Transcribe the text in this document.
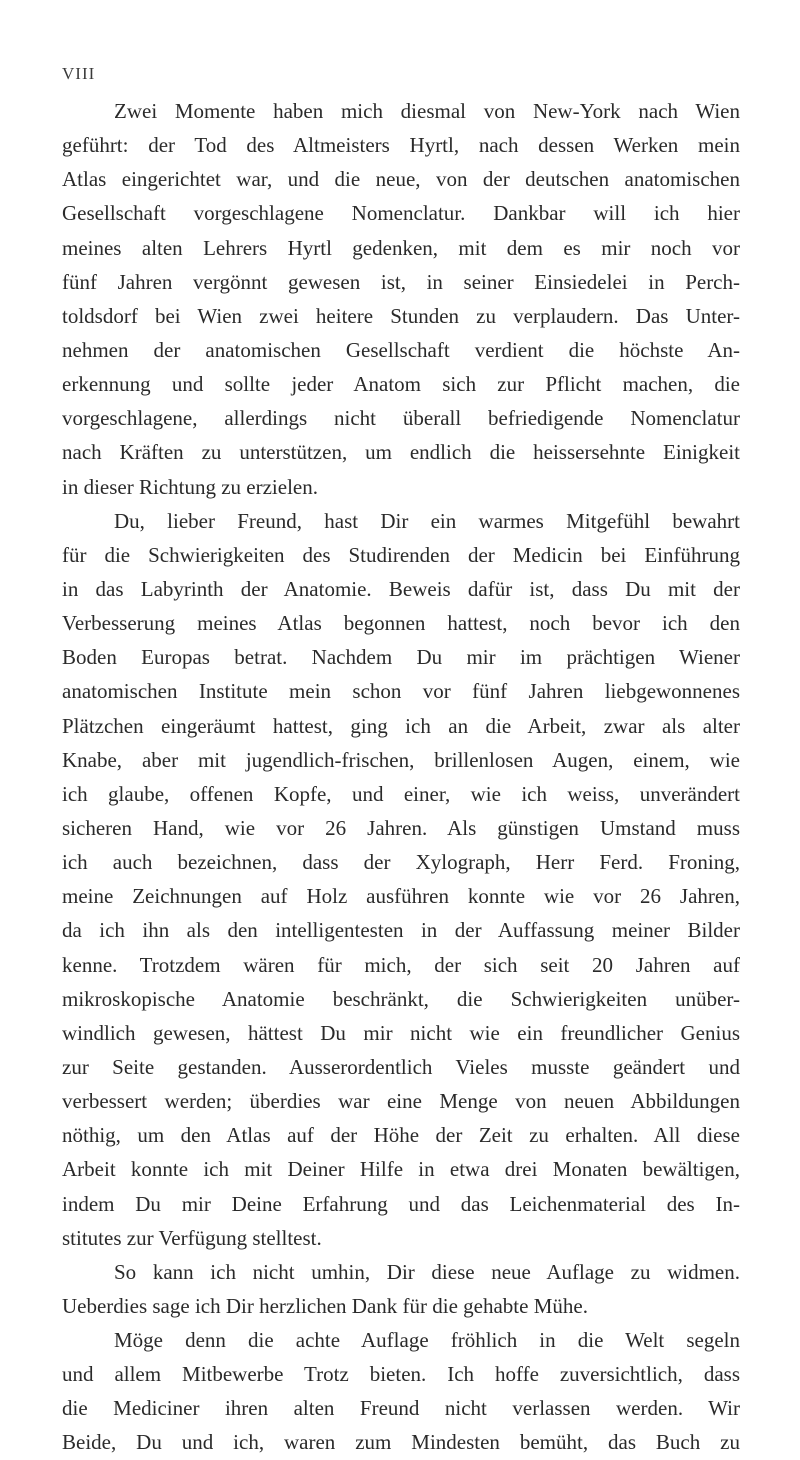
VIII
Zwei Momente haben mich diesmal von New-York nach Wien
geführt: der Tod des Altmeisters Hyrtl, nach dessen Werken mein
Atlas eingerichtet war, und die neue, von der deutschen anatomischen
Gesellschaft vorgeschlagene Nomenclatur. Dankbar will ich hier
meines alten Lehrers Hyrtl gedenken, mit dem es mir noch vor
fünf Jahren vergönnt gewesen ist, in seiner Einsiedelei in Perch-
toldsdorf bei Wien zwei heitere Stunden zu verplaudern. Das Unter-
nehmen der anatomischen Gesellschaft verdient die höchste An-
erkennung und sollte jeder Anatom sich zur Pflicht machen, die
vorgeschlagene, allerdings nicht überall befriedigende Nomenclatur
nach Kräften zu unterstützen, um endlich die heissersehnte Einigkeit
in dieser Richtung zu erzielen.
Du, lieber Freund, hast Dir ein warmes Mitgefühl bewahrt
für die Schwierigkeiten des Studirenden der Medicin bei Einführung
in das Labyrinth der Anatomie. Beweis dafür ist, dass Du mit der
Verbesserung meines Atlas begonnen hattest, noch bevor ich den
Boden Europas betrat. Nachdem Du mir im prächtigen Wiener
anatomischen Institute mein schon vor fünf Jahren liebgewonnenes
Plätzchen eingeräumt hattest, ging ich an die Arbeit, zwar als alter
Knabe, aber mit jugendlich-frischen, brillenlosen Augen, einem, wie
ich glaube, offenen Kopfe, und einer, wie ich weiss, unverändert
sicheren Hand, wie vor 26 Jahren. Als günstigen Umstand muss
ich auch bezeichnen, dass der Xylograph, Herr Ferd. Froning,
meine Zeichnungen auf Holz ausführen konnte wie vor 26 Jahren,
da ich ihn als den intelligentesten in der Auffassung meiner Bilder
kenne. Trotzdem wären für mich, der sich seit 20 Jahren auf
mikroskopische Anatomie beschränkt, die Schwierigkeiten unüber-
windlich gewesen, hättest Du mir nicht wie ein freundlicher Genius
zur Seite gestanden. Ausserordentlich Vieles musste geändert und
verbessert werden; überdies war eine Menge von neuen Abbildungen
nöthig, um den Atlas auf der Höhe der Zeit zu erhalten. All diese
Arbeit konnte ich mit Deiner Hilfe in etwa drei Monaten bewältigen,
indem Du mir Deine Erfahrung und das Leichenmaterial des In-
stitutes zur Verfügung stelltest.
So kann ich nicht umhin, Dir diese neue Auflage zu widmen.
Ueberdies sage ich Dir herzlichen Dank für die gehabte Mühe.
Möge denn die achte Auflage fröhlich in die Welt segeln
und allem Mitbewerbe Trotz bieten. Ich hoffe zuversichtlich, dass
die Mediciner ihren alten Freund nicht verlassen werden. Wir
Beide, Du und ich, waren zum Mindesten bemüht, das Buch zu
